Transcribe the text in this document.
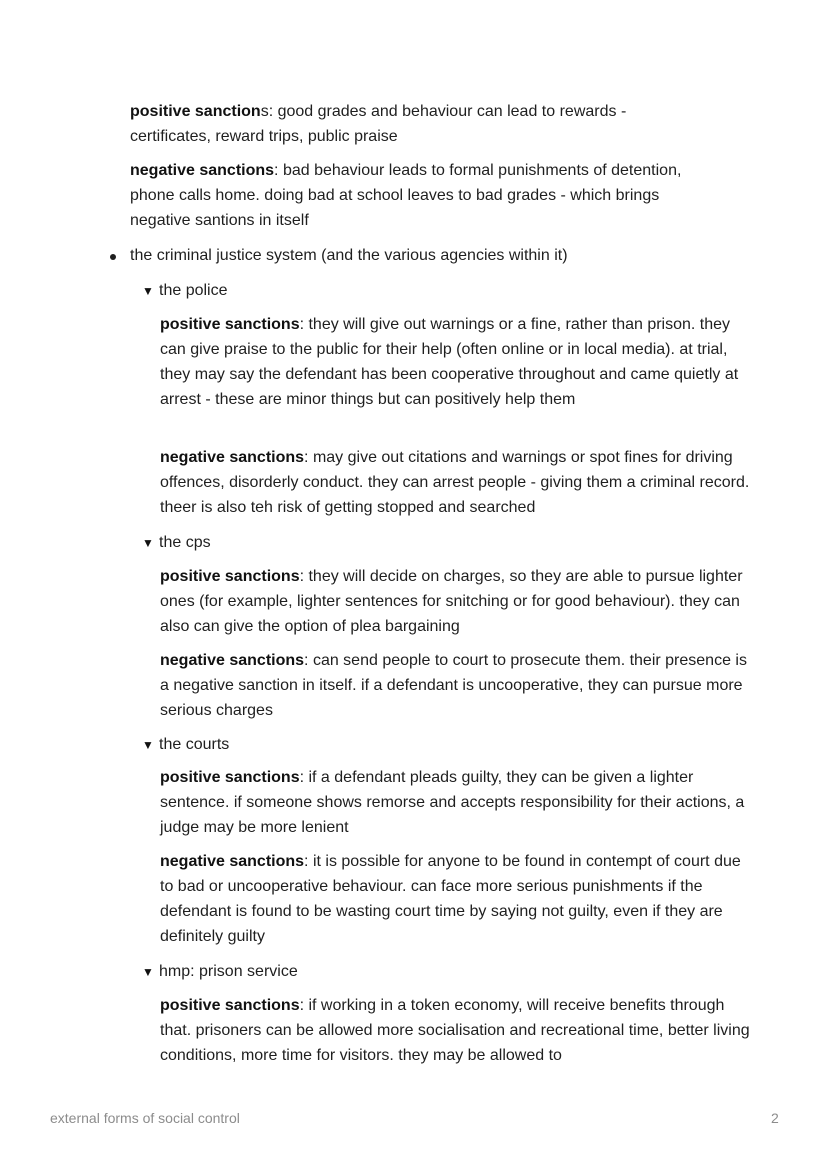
positive sanctions: good grades and behaviour can lead to rewards - certificates, reward trips, public praise

negative sanctions: bad behaviour leads to formal punishments of detention, phone calls home. doing bad at school leaves to bad grades - which brings negative santions in itself

the criminal justice system (and the various agencies within it)

▼ the police

positive sanctions: they will give out warnings or a fine, rather than prison. they can give praise to the public for their help (often online or in local media). at trial, they may say the defendant has been cooperative throughout and came quietly at arrest - these are minor things but can positively help them

negative sanctions: may give out citations and warnings or spot fines for driving offences, disorderly conduct. they can arrest people - giving them a criminal record. theer is also teh risk of getting stopped and searched

▼ the cps

positive sanctions: they will decide on charges, so they are able to pursue lighter ones (for example, lighter sentences for snitching or for good behaviour). they can also can give the option of plea bargaining

negative sanctions: can send people to court to prosecute them. their presence is a negative sanction in itself. if a defendant is uncooperative, they can pursue more serious charges

▼ the courts

positive sanctions: if a defendant pleads guilty, they can be given a lighter sentence. if someone shows remorse and accepts responsibility for their actions, a judge may be more lenient

negative sanctions: it is possible for anyone to be found in contempt of court due to bad or uncooperative behaviour. can face more serious punishments if the defendant is found to be wasting court time by saying not guilty, even if they are definitely guilty

▼ hmp: prison service

positive sanctions: if working in a token economy, will receive benefits through that. prisoners can be allowed more socialisation and recreational time, better living conditions, more time for visitors. they may be allowed to

external forms of social control	2
